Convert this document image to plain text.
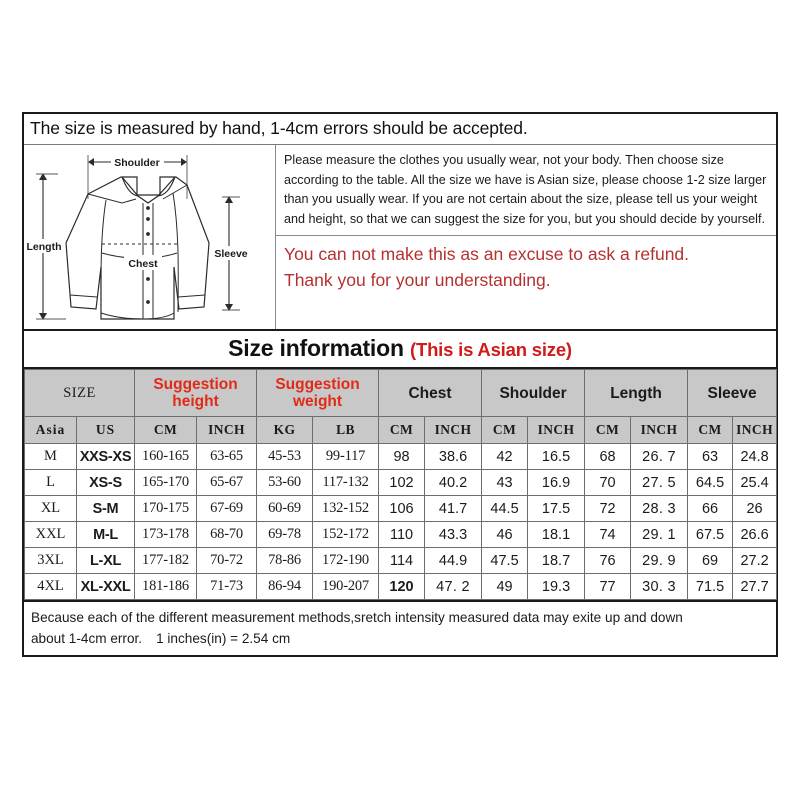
The size is measured by hand, 1-4cm errors should be accepted.
Shoulder
Length
Chest
Sleeve

Please measure the clothes you usually wear, not your body. Then choose size according to the table. All the size we have is Asian size, please choose 1-2 size larger than you usually wear. If you are not certain about the size, please tell us your weight and height, so that we can suggest the size for you, but you should decide by yourself.

You can not make this as an excuse to ask a refund.
Thank you for your understanding.
Size information (This is Asian size)
SIZE		Suggestion height		Suggestion weight		Chest		Shoulder		Length		Sleeve	
Asia	US	CM	INCH	KG	LB	CM	INCH	CM	INCH	CM	INCH	CM	INCH
M	XXS-XS	160-165	63-65	45-53	99-117	98	38.6	42	16.5	68	26. 7	63	24.8
L	XS-S	165-170	65-67	53-60	117-132	102	40.2	43	16.9	70	27. 5	64.5	25.4
XL	S-M	170-175	67-69	60-69	132-152	106	41.7	44.5	17.5	72	28. 3	66	26
XXL	M-L	173-178	68-70	69-78	152-172	110	43.3	46	18.1	74	29. 1	67.5	26.6
3XL	L-XL	177-182	70-72	78-86	172-190	114	44.9	47.5	18.7	76	29. 9	69	27.2
4XL	XL-XXL	181-186	71-73	86-94	190-207	120	47. 2	49	19.3	77	30. 3	71.5	27.7
Because each of the different measurement methods,sretch intensity measured data may exite up and down
about 1-4cm error. 1 inches(in) = 2.54 cm
